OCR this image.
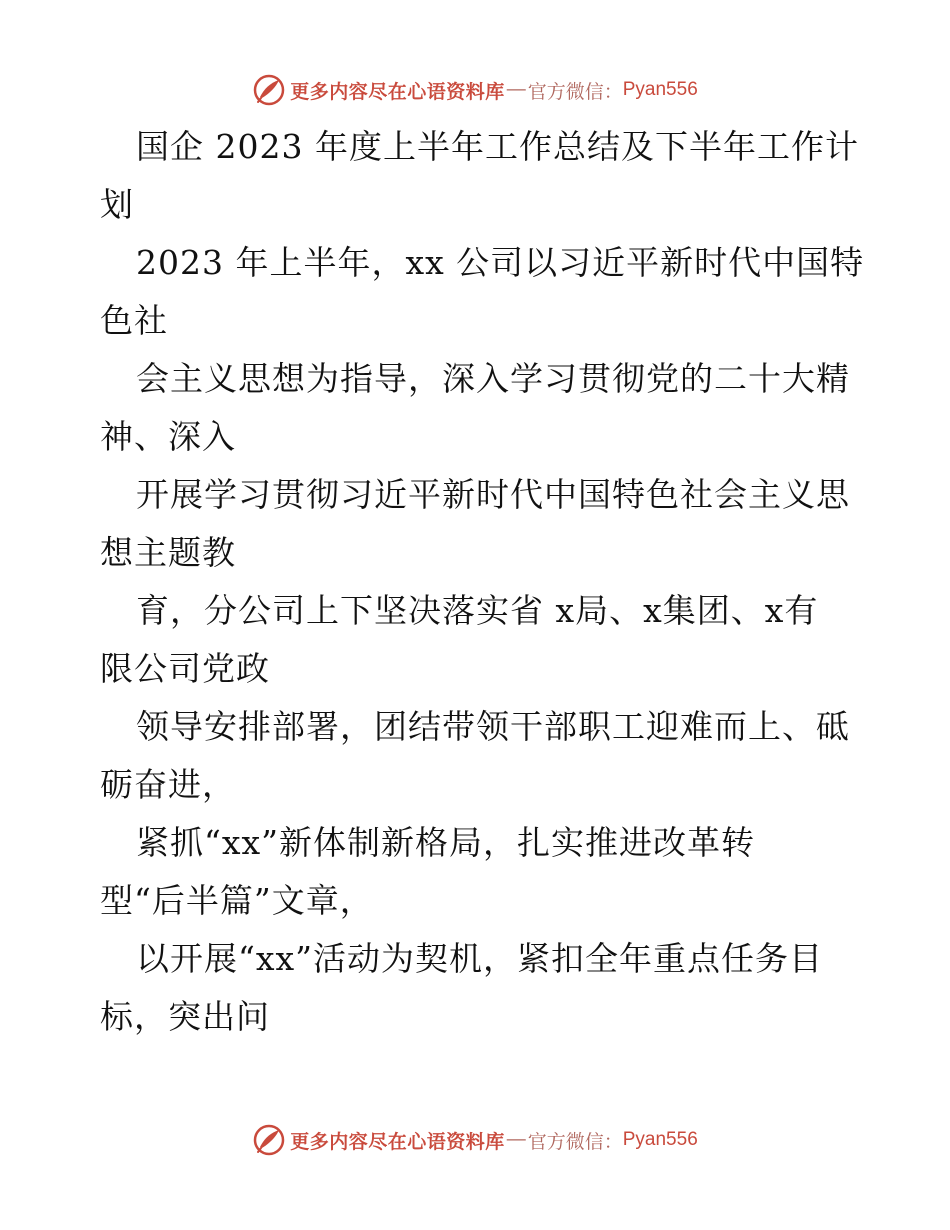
更多内容尽在心语资料库 — 官方微信： Pyan556
国企 2023 年度上半年工作总结及下半年工作计
划
2023 年上半年，xx 公司以习近平新时代中国特
色社
会主义思想为指导，深入学习贯彻党的二十大精
神、深入
开展学习贯彻习近平新时代中国特色社会主义思
想主题教
育，分公司上下坚决落实省 x局、x集团、x有
限公司党政
领导安排部署，团结带领干部职工迎难而上、砥
砺奋进，
紧抓“xx”新体制新格局，扎实推进改革转
型“后半篇”文章，
以开展“xx”活动为契机，紧扣全年重点任务目
标，突出问
更多内容尽在心语资料库 — 官方微信： Pyan556
